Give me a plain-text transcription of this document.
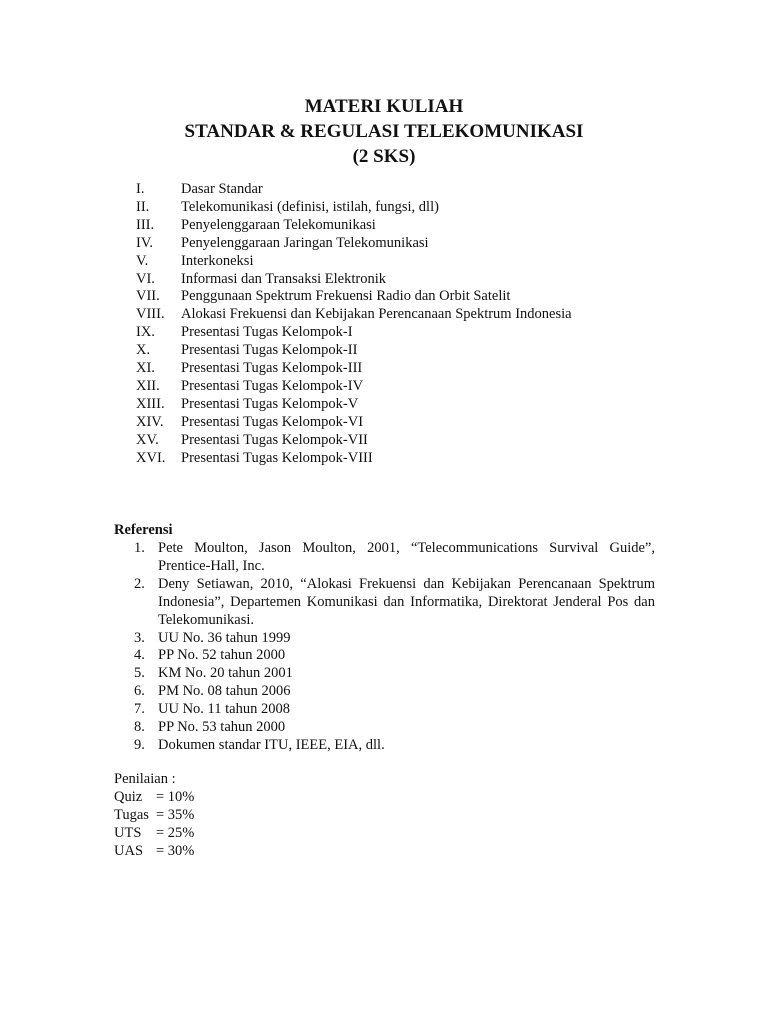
MATERI KULIAH
STANDAR & REGULASI TELEKOMUNIKASI
(2 SKS)
I.	Dasar Standar
II.	Telekomunikasi (definisi, istilah, fungsi, dll)
III.	Penyelenggaraan Telekomunikasi
IV.	Penyelenggaraan Jaringan Telekomunikasi
V.	Interkoneksi
VI.	Informasi dan Transaksi Elektronik
VII.	Penggunaan Spektrum Frekuensi Radio dan Orbit Satelit
VIII.	Alokasi Frekuensi dan Kebijakan Perencanaan Spektrum Indonesia
IX.	Presentasi Tugas Kelompok-I
X.	Presentasi Tugas Kelompok-II
XI.	Presentasi Tugas Kelompok-III
XII.	Presentasi Tugas Kelompok-IV
XIII.	Presentasi Tugas Kelompok-V
XIV.	Presentasi Tugas Kelompok-VI
XV.	Presentasi Tugas Kelompok-VII
XVI.	Presentasi Tugas Kelompok-VIII
Referensi
1. Pete Moulton, Jason Moulton, 2001, “Telecommunications Survival Guide”, Prentice-Hall, Inc.
2. Deny Setiawan, 2010, “Alokasi Frekuensi dan Kebijakan Perencanaan Spektrum Indonesia”, Departemen Komunikasi dan Informatika, Direktorat Jenderal Pos dan Telekomunikasi.
3. UU No. 36 tahun 1999
4. PP No. 52 tahun 2000
5. KM No. 20 tahun 2001
6. PM No. 08 tahun 2006
7. UU No. 11 tahun 2008
8. PP No. 53 tahun 2000
9. Dokumen standar ITU, IEEE, EIA, dll.
Penilaian :
Quiz = 10%
Tugas = 35%
UTS	= 25%
UAS = 30%
